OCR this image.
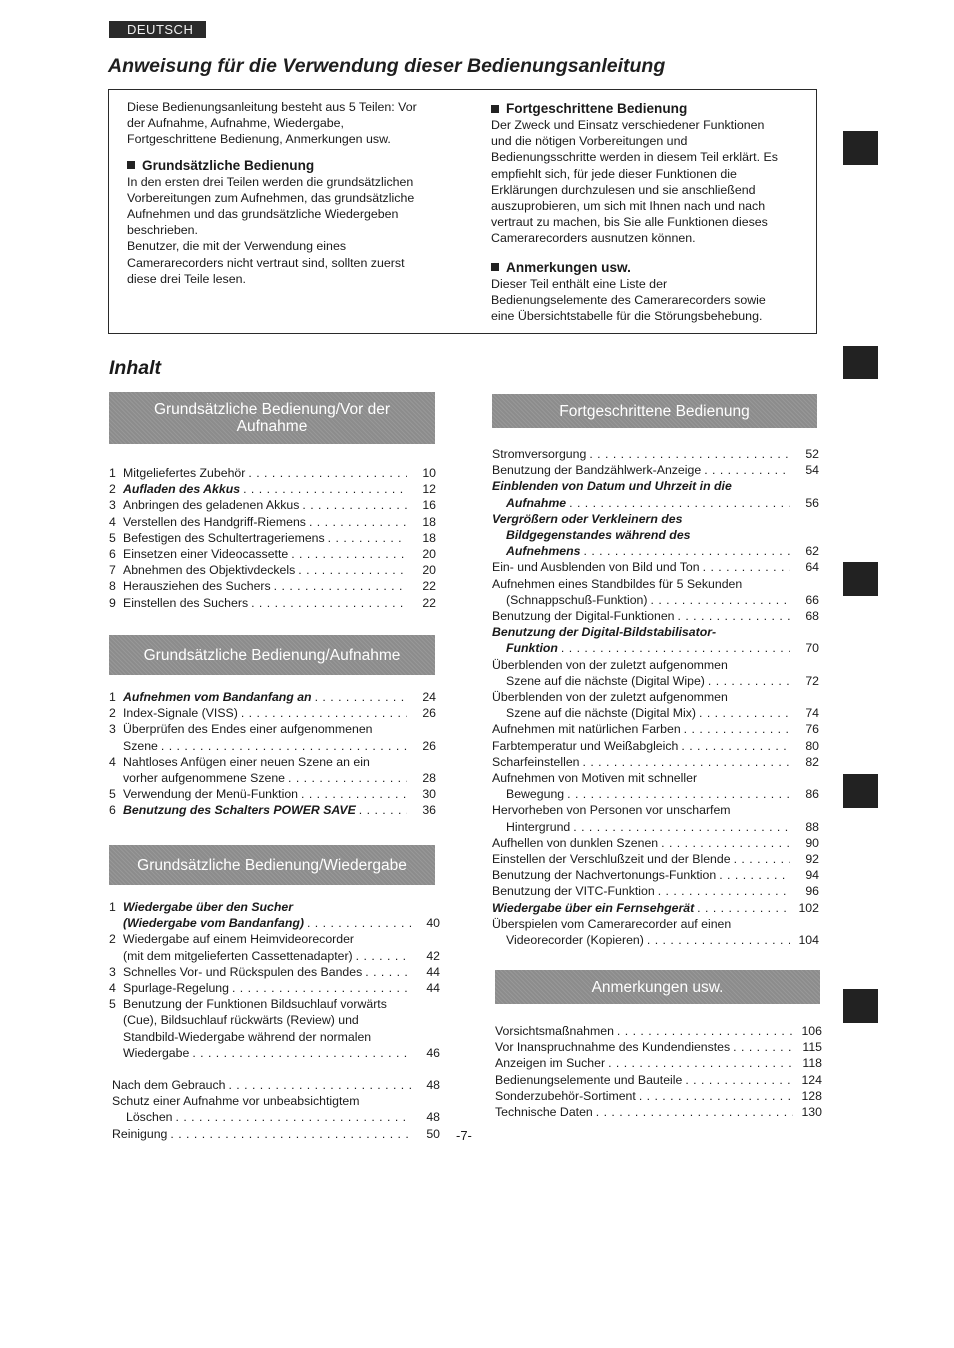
DEUTSCH
Anweisung für die Verwendung dieser Bedienungsanleitung

Diese Bedienungsanleitung besteht aus 5 Teilen: Vor
der Aufnahme, Aufnahme, Wiedergabe,
Fortgeschrittene Bedienung, Anmerkungen usw.

Grundsätzliche Bedienung

In den ersten drei Teilen werden die grundsätzlichen
Vorbereitungen zum Aufnehmen, das grundsätzliche
Aufnehmen und das grundsätzliche Wiedergeben
beschrieben.
Benutzer, die mit der Verwendung eines
Camerarecorders nicht vertraut sind, sollten zuerst
diese drei Teile lesen.

Fortgeschrittene Bedienung

Der Zweck und Einsatz verschiedener Funktionen
und die nötigen Vorbereitungen und
Bedienungsschritte werden in diesem Teil erklärt. Es
empfiehlt sich, für jede dieser Funktionen die
Erklärungen durchzulesen und sie anschließend
auszuprobieren, um sich mit Ihnen nach und nach
vertraut zu machen, bis Sie alle Funktionen dieses
Camerarecorders ausnutzen können.

Anmerkungen usw.

Dieser Teil enthält eine Liste der
Bedienungselemente des Camerarecorders sowie
eine Übersichtstabelle für die Störungsbehebung.

Inhalt
Grundsätzliche Bedienung/Vor der Aufnahme
1 Mitgeliefertes Zubehör . . .	10
2 Aufladen des Akkus . . .	12
3 Anbringen des geladenen Akkus . . .	16
4 Verstellen des Handgriff-Riemens . . .	18
5 Befestigen des Schultertrageriemens . . .	18
6 Einsetzen einer Videocassette . . .	20
7 Abnehmen des Objektivdeckels . . .	20
8 Herausziehen des Suchers . . .	22
9 Einstellen des Suchers . . .	22
Grundsätzliche Bedienung/Aufnahme
1 Aufnehmen vom Bandanfang an . . .	24
2 Index-Signale (VISS) . . .	26
3 Überprüfen des Endes einer aufgenommenen
Szene . . .	26
4 Nahtloses Anfügen einer neuen Szene an ein
vorher aufgenommene Szene . . .	28
5 Verwendung der Menü-Funktion . . .	30
6 Benutzung des Schalters POWER SAVE . . .	36
Grundsätzliche Bedienung/Wiedergabe
1 Wiedergabe über den Sucher
(Wiedergabe vom Bandanfang) . . .	40
2 Wiedergabe auf einem Heimvideorecorder
(mit dem mitgelieferten Cassettenadapter) . . .	42
3 Schnelles Vor- und Rückspulen des Bandes . . .	44
4 Spurlage-Regelung . . .	44
5 Benutzung der Funktionen Bildsuchlauf vorwärts
(Cue), Bildsuchlauf rückwärts (Review) und
Standbild-Wiedergabe während der normalen
Wiedergabe . . .	46
Nach dem Gebrauch . . .	48
Schutz einer Aufnahme vor unbeabsichtigtem
Löschen . . .	48
Reinigung . . .	50
Fortgeschrittene Bedienung
Stromversorgung . . .	52
Benutzung der Bandzählwerk-Anzeige . . .	54
Einblenden von Datum und Uhrzeit in die
Aufnahme . . .	56
Vergrößern oder Verkleinern des
Bildgegenstandes während des
Aufnehmens . . .	62
Ein- und Ausblenden von Bild und Ton . . .	64
Aufnehmen eines Standbildes für 5 Sekunden
(Schnappschuß-Funktion) . . .	66
Benutzung der Digital-Funktionen . . .	68
Benutzung der Digital-Bildstabilisator-
Funktion . . .	70
Überblenden von der zuletzt aufgenommen
Szene auf die nächste (Digital Wipe) . . .	72
Überblenden von der zuletzt aufgenommen
Szene auf die nächste (Digital Mix) . . .	74
Aufnehmen mit natürlichen Farben . . .	76
Farbtemperatur und Weißabgleich . . .	80
Scharfeinstellen . . .	82
Aufnehmen von Motiven mit schneller
Bewegung . . .	86
Hervorheben von Personen vor unscharfem
Hintergrund . . .	88
Aufhellen von dunklen Szenen . . .	90
Einstellen der Verschlußzeit und der Blende . . .	92
Benutzung der Nachvertonungs-Funktion . . .	94
Benutzung der VITC-Funktion . . .	96
Wiedergabe über ein Fernsehgerät . . .	102
Überspielen vom Camerarecorder auf einen
Videorecorder (Kopieren) . . .	104
Anmerkungen usw.
Vorsichtsmaßnahmen . . .	106
Vor Inanspruchnahme des Kundendienstes . . .	115
Anzeigen im Sucher . . .	118
Bedienungselemente und Bauteile . . .	124
Sonderzubehör-Sortiment . . .	128
Technische Daten . . .	130
-7-
